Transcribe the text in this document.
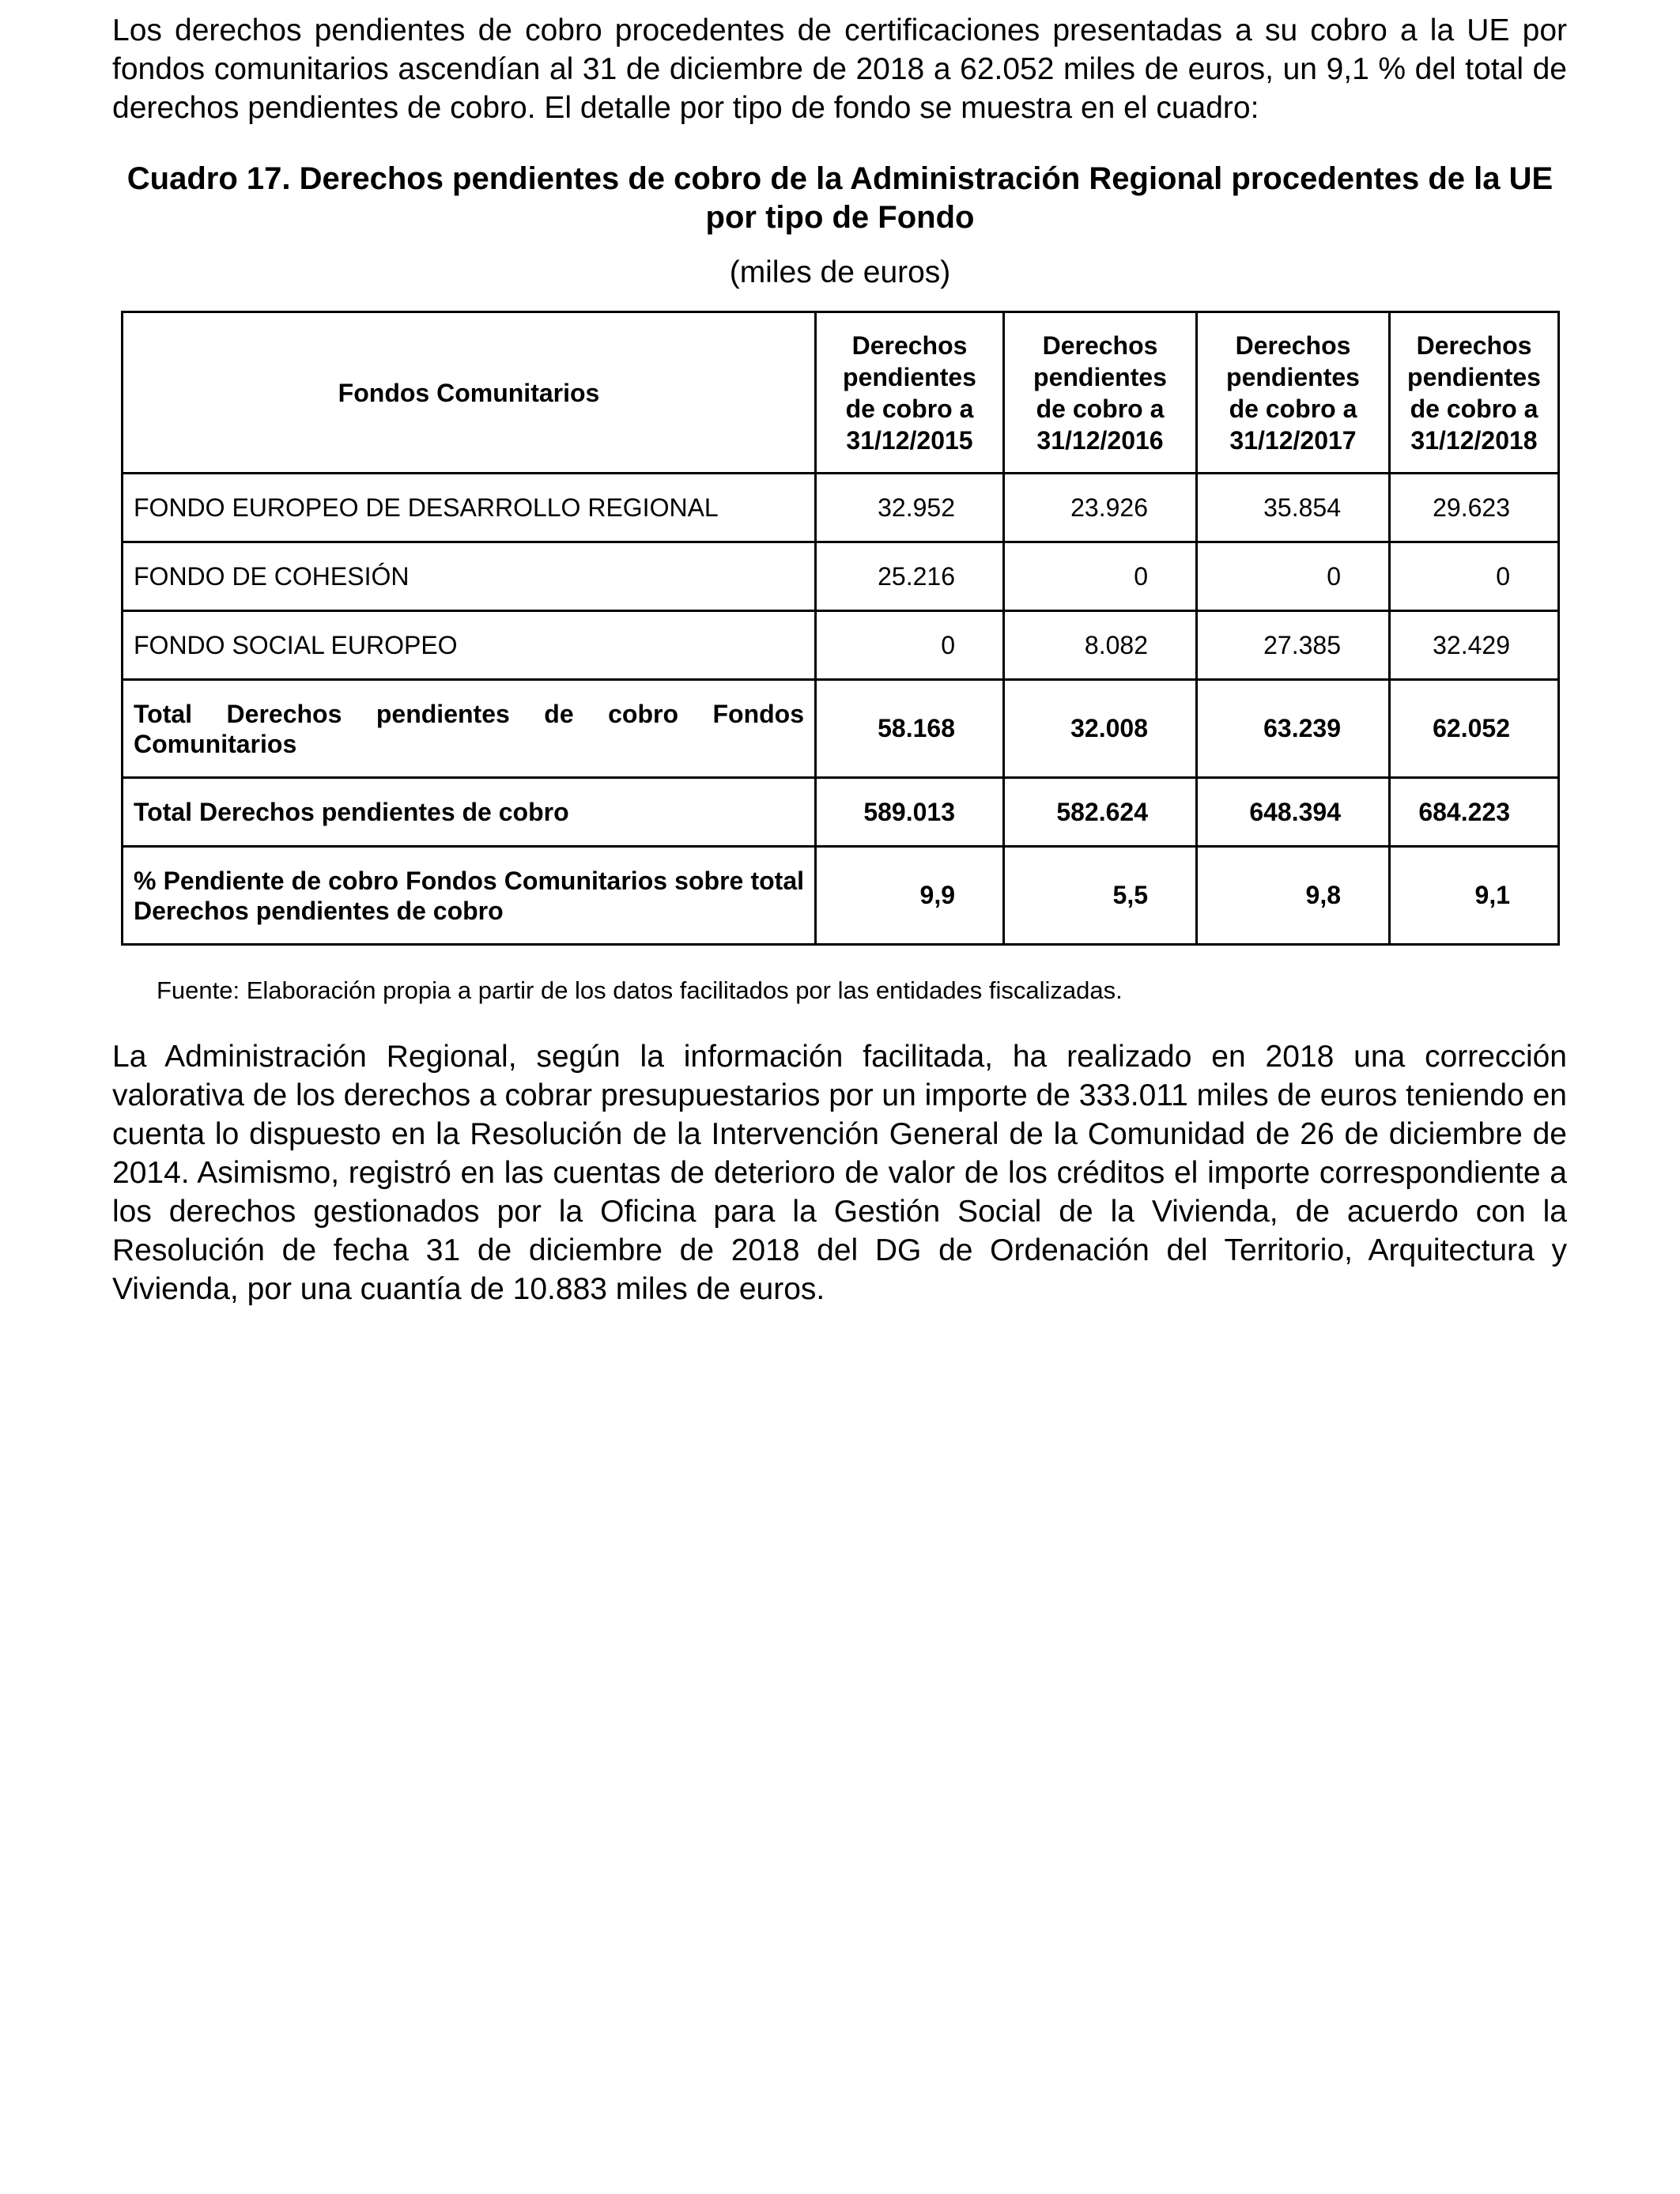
Los derechos pendientes de cobro procedentes de certificaciones presentadas a su cobro a la UE por fondos comunitarios ascendían al 31 de diciembre de 2018 a 62.052 miles de euros, un 9,1 % del total de derechos pendientes de cobro. El detalle por tipo de fondo se muestra en el cuadro:

Cuadro 17. Derechos pendientes de cobro de la Administración Regional procedentes de la UE por tipo de Fondo

(miles de euros)

Fondos Comunitarios	Derechos pendientes de cobro a 31/12/2015	Derechos pendientes de cobro a 31/12/2016	Derechos pendientes de cobro a 31/12/2017	Derechos pendientes de cobro a 31/12/2018
FONDO EUROPEO DE DESARROLLO REGIONAL	32.952	23.926	35.854	29.623
FONDO DE COHESIÓN	25.216	0	0	0
FONDO SOCIAL EUROPEO	0	8.082	27.385	32.429
Total Derechos pendientes de cobro Fondos Comunitarios	58.168	32.008	63.239	62.052
Total Derechos pendientes de cobro	589.013	582.624	648.394	684.223
% Pendiente de cobro Fondos Comunitarios sobre total Derechos pendientes de cobro	9,9	5,5	9,8	9,1

Fuente: Elaboración propia a partir de los datos facilitados por las entidades fiscalizadas.

La Administración Regional, según la información facilitada, ha realizado en 2018 una corrección valorativa de los derechos a cobrar presupuestarios por un importe de 333.011 miles de euros teniendo en cuenta lo dispuesto en la Resolución de la Intervención General de la Comunidad de 26 de diciembre de 2014. Asimismo, registró en las cuentas de deterioro de valor de los créditos el importe correspondiente a los derechos gestionados por la Oficina para la Gestión Social de la Vivienda, de acuerdo con la Resolución de fecha 31 de diciembre de 2018 del DG de Ordenación del Territorio, Arquitectura y Vivienda, por una cuantía de 10.883 miles de euros.
